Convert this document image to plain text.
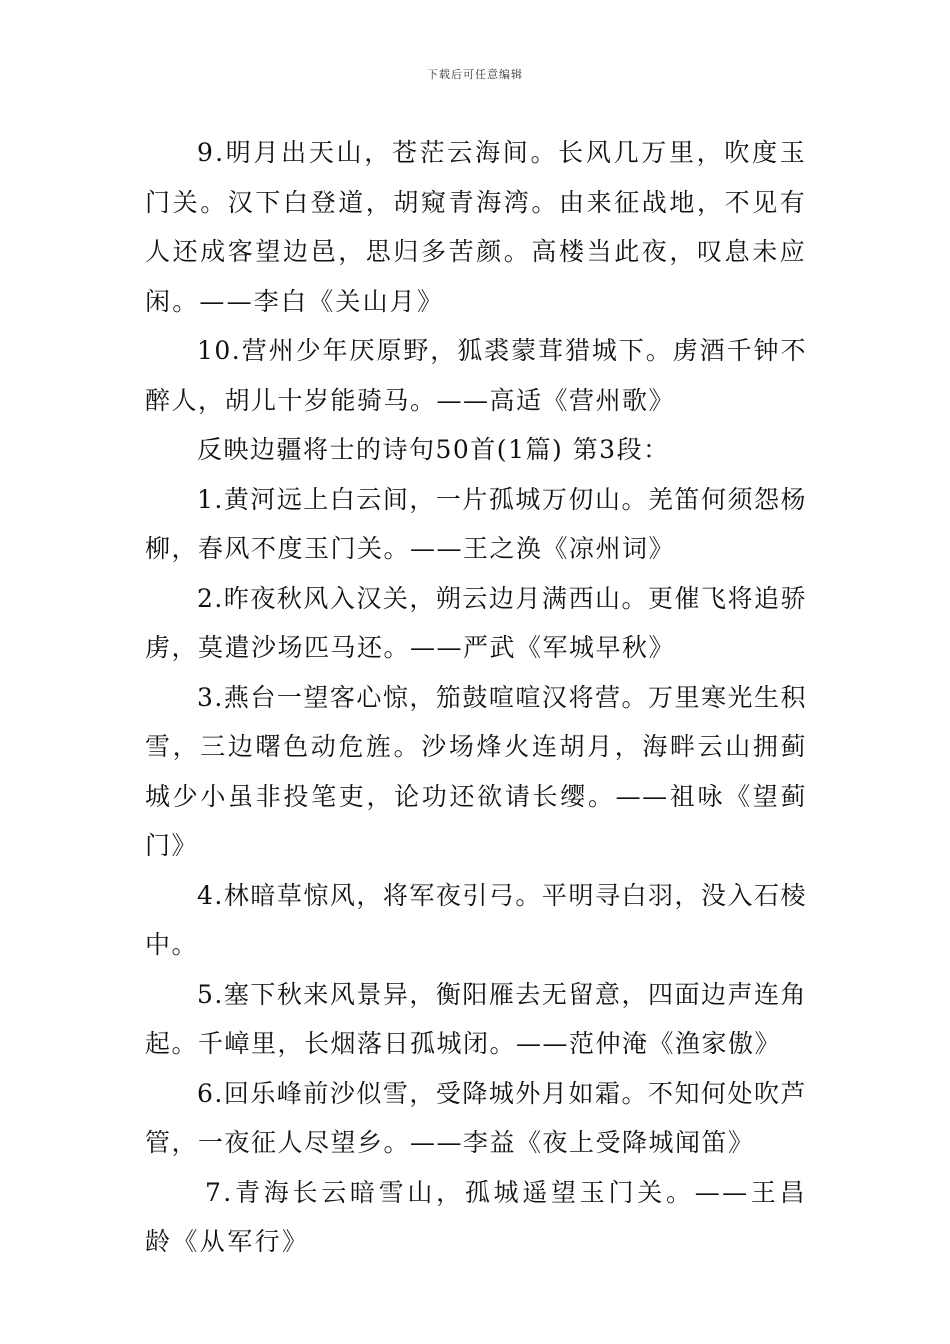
下载后可任意编辑

9.明月出天山，苍茫云海间。长风几万里，吹度玉门关。汉下白登道，胡窥青海湾。由来征战地，不见有人还成客望边邑，思归多苦颜。高楼当此夜，叹息未应闲。——李白《关山月》

10.营州少年厌原野，狐裘蒙茸猎城下。虏酒千钟不醉人，胡儿十岁能骑马。——高适《营州歌》

反映边疆将士的诗句50首(1篇) 第3段：

1.黄河远上白云间，一片孤城万仞山。羌笛何须怨杨柳，春风不度玉门关。——王之涣《凉州词》

2.昨夜秋风入汉关，朔云边月满西山。更催飞将追骄虏，莫遣沙场匹马还。——严武《军城早秋》

3.燕台一望客心惊，笳鼓喧喧汉将营。万里寒光生积雪，三边曙色动危旌。沙场烽火连胡月，海畔云山拥蓟城少小虽非投笔吏，论功还欲请长缨。——祖咏《望蓟门》

4.林暗草惊风，将军夜引弓。平明寻白羽，没入石棱中。

5.塞下秋来风景异，衡阳雁去无留意，四面边声连角起。千嶂里，长烟落日孤城闭。——范仲淹《渔家傲》

6.回乐峰前沙似雪，受降城外月如霜。不知何处吹芦管，一夜征人尽望乡。——李益《夜上受降城闻笛》

7.青海长云暗雪山，孤城遥望玉门关。——王昌龄《从军行》
